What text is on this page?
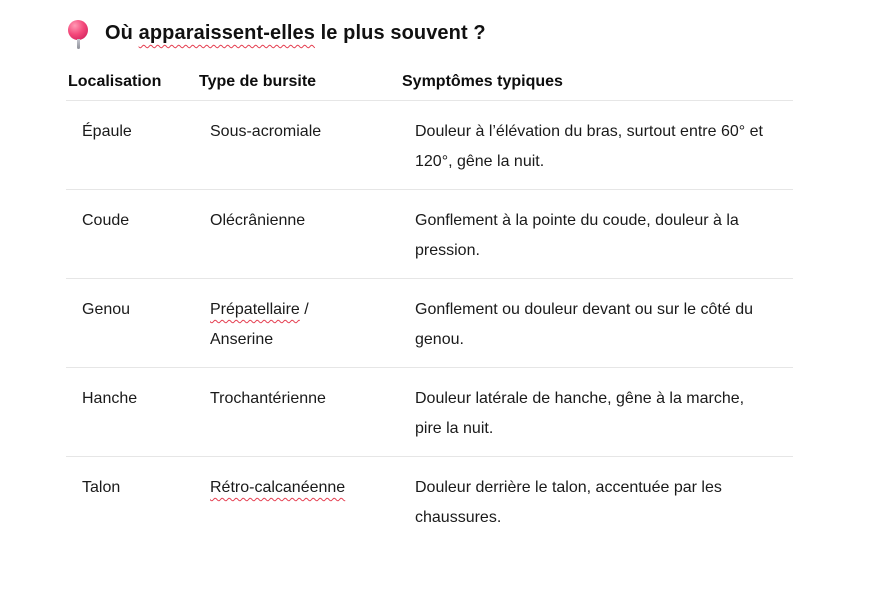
Où apparaissent-elles le plus souvent ?
Localisation	Type de bursite	Symptômes typiques
Épaule	Sous-acromiale	Douleur à l’élévation du bras, surtout entre 60° et 120°, gêne la nuit.
Coude	Olécrânienne	Gonflement à la pointe du coude, douleur à la pression.
Genou	Prépatellaire / Anserine	Gonflement ou douleur devant ou sur le côté du genou.
Hanche	Trochantérienne	Douleur latérale de hanche, gêne à la marche, pire la nuit.
Talon	Rétro-calcanéenne	Douleur derrière le talon, accentuée par les chaussures.
